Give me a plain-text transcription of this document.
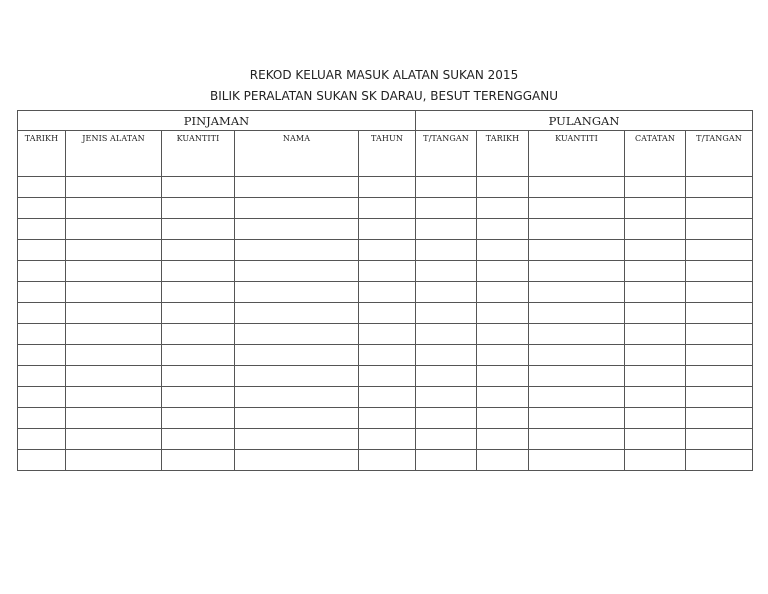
REKOD KELUAR MASUK ALATAN SUKAN 2015
BILIK PERALATAN SUKAN SK DARAU, BESUT TERENGGANU
PINJAMAN					PULANGAN				
TARIKH	JENIS ALATAN	KUANTITI	NAMA	TAHUN	T/TANGAN	TARIKH	KUANTITI	CATATAN	T/TANGAN
